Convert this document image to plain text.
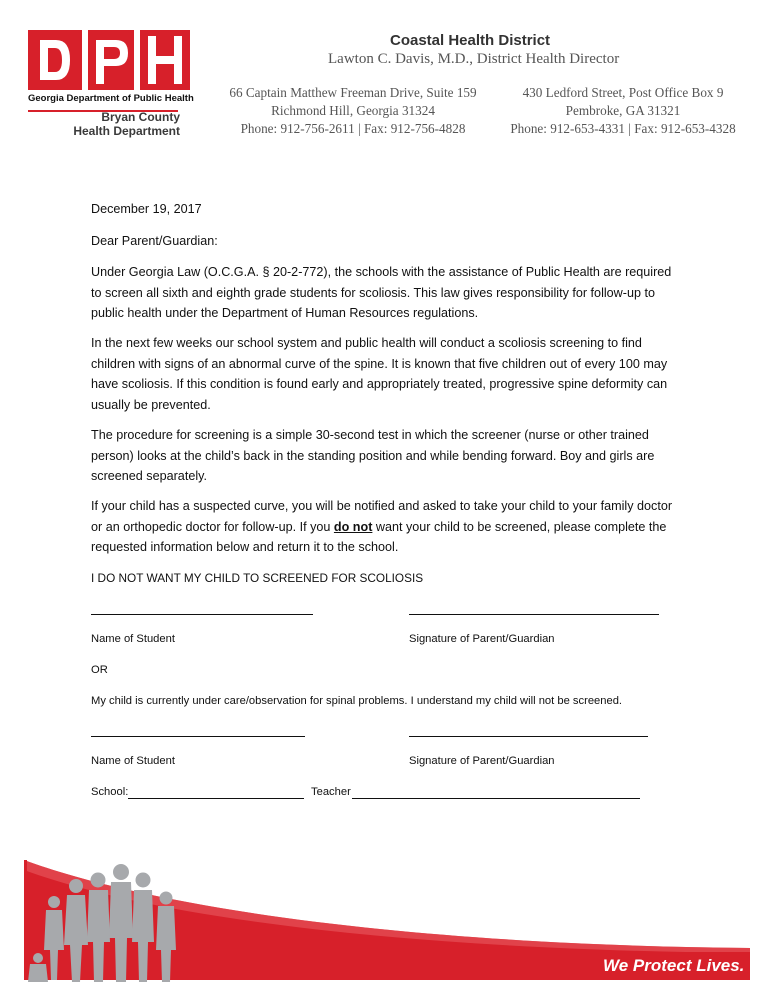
Georgia Department of Public Health
Bryan County
Health Department
Coastal Health District
Lawton C. Davis, M.D., District Health Director
66 Captain Matthew Freeman Drive, Suite 159
Richmond Hill, Georgia 31324
Phone: 912-756-2611 | Fax: 912-756-4828
430 Ledford Street, Post Office Box 9
Pembroke, GA 31321
Phone: 912-653-4331 | Fax: 912-653-4328
December 19, 2017
Dear Parent/Guardian:
Under Georgia Law (O.C.G.A. § 20-2-772), the schools with the assistance of Public Health are required to screen all sixth and eighth grade students for scoliosis. This law gives responsibility for follow-up to public health under the Department of Human Resources regulations.
In the next few weeks our school system and public health will conduct a scoliosis screening to find children with signs of an abnormal curve of the spine. It is known that five children out of every 100 may have scoliosis. If this condition is found early and appropriately treated, progressive spine deformity can usually be prevented.
The procedure for screening is a simple 30-second test in which the screener (nurse or other trained person) looks at the child’s back in the standing position and while bending forward. Boy and girls are screened separately.
If your child has a suspected curve, you will be notified and asked to take your child to your family doctor or an orthopedic doctor for follow-up. If you do not want your child to be screened, please complete the requested information below and return it to the school.
I DO NOT WANT MY CHILD TO SCREENED FOR SCOLIOSIS
Name of Student	Signature of Parent/Guardian
OR
My child is currently under care/observation for spinal problems. I understand my child will not be screened.
Name of Student	Signature of Parent/Guardian
School:	Teacher
We Protect Lives.
